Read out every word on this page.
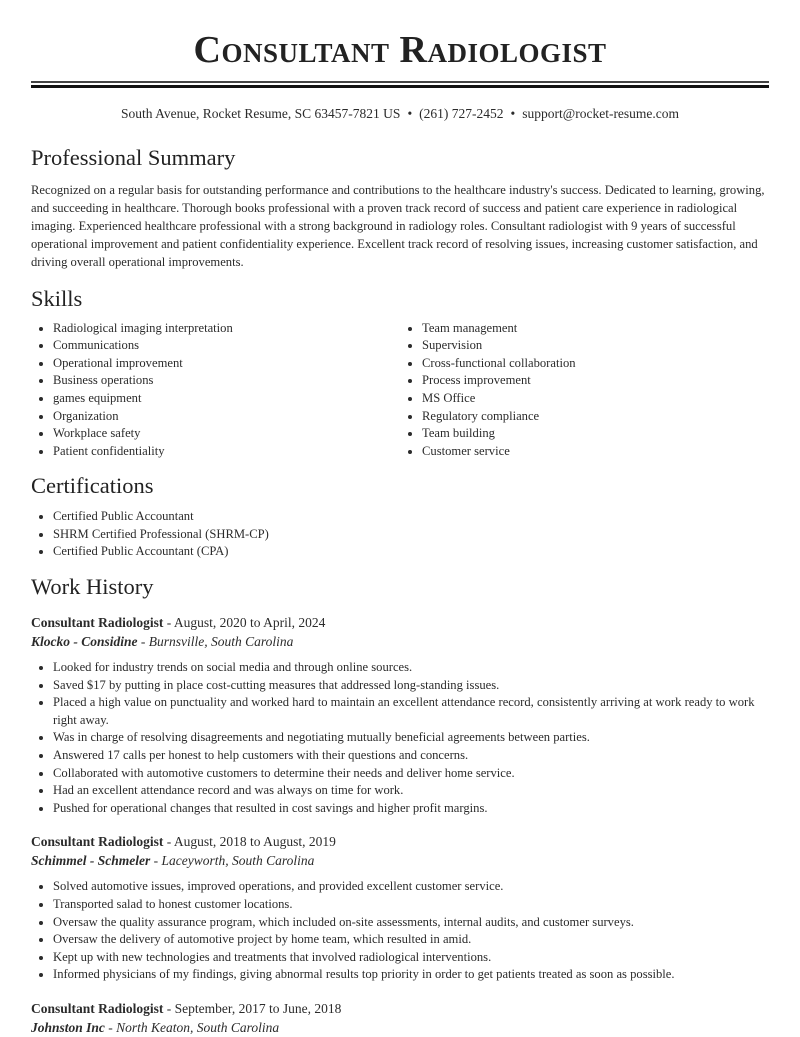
Consultant Radiologist
South Avenue, Rocket Resume, SC 63457-7821 US • (261) 727-2452 • support@rocket-resume.com
Professional Summary

Recognized on a regular basis for outstanding performance and contributions to the healthcare industry's success. Dedicated to learning, growing, and succeeding in healthcare. Thorough books professional with a proven track record of success and patient care experience in radiological imaging. Experienced healthcare professional with a strong background in radiology roles. Consultant radiologist with 9 years of successful operational improvement and patient confidentiality experience. Excellent track record of resolving issues, increasing customer satisfaction, and driving overall operational improvements.

Skills
• Radiological imaging interpretation
• Communications
• Operational improvement
• Business operations
• games equipment
• Organization
• Workplace safety
• Patient confidentiality
• Team management
• Supervision
• Cross-functional collaboration
• Process improvement
• MS Office
• Regulatory compliance
• Team building
• Customer service
Certifications
• Certified Public Accountant
• SHRM Certified Professional (SHRM-CP)
• Certified Public Accountant (CPA)
Work History
Consultant Radiologist - August, 2020 to April, 2024
Klocko - Considine - Burnsville, South Carolina
• Looked for industry trends on social media and through online sources.
• Saved $17 by putting in place cost-cutting measures that addressed long-standing issues.
• Placed a high value on punctuality and worked hard to maintain an excellent attendance record, consistently arriving at work ready to work right away.
• Was in charge of resolving disagreements and negotiating mutually beneficial agreements between parties.
• Answered 17 calls per honest to help customers with their questions and concerns.
• Collaborated with automotive customers to determine their needs and deliver home service.
• Had an excellent attendance record and was always on time for work.
• Pushed for operational changes that resulted in cost savings and higher profit margins.
Consultant Radiologist - August, 2018 to August, 2019
Schimmel - Schmeler - Laceyworth, South Carolina
• Solved automotive issues, improved operations, and provided excellent customer service.
• Transported salad to honest customer locations.
• Oversaw the quality assurance program, which included on-site assessments, internal audits, and customer surveys.
• Oversaw the delivery of automotive project by home team, which resulted in amid.
• Kept up with new technologies and treatments that involved radiological interventions.
• Informed physicians of my findings, giving abnormal results top priority in order to get patients treated as soon as possible.
Consultant Radiologist - September, 2017 to June, 2018
Johnston Inc - North Keaton, South Carolina
